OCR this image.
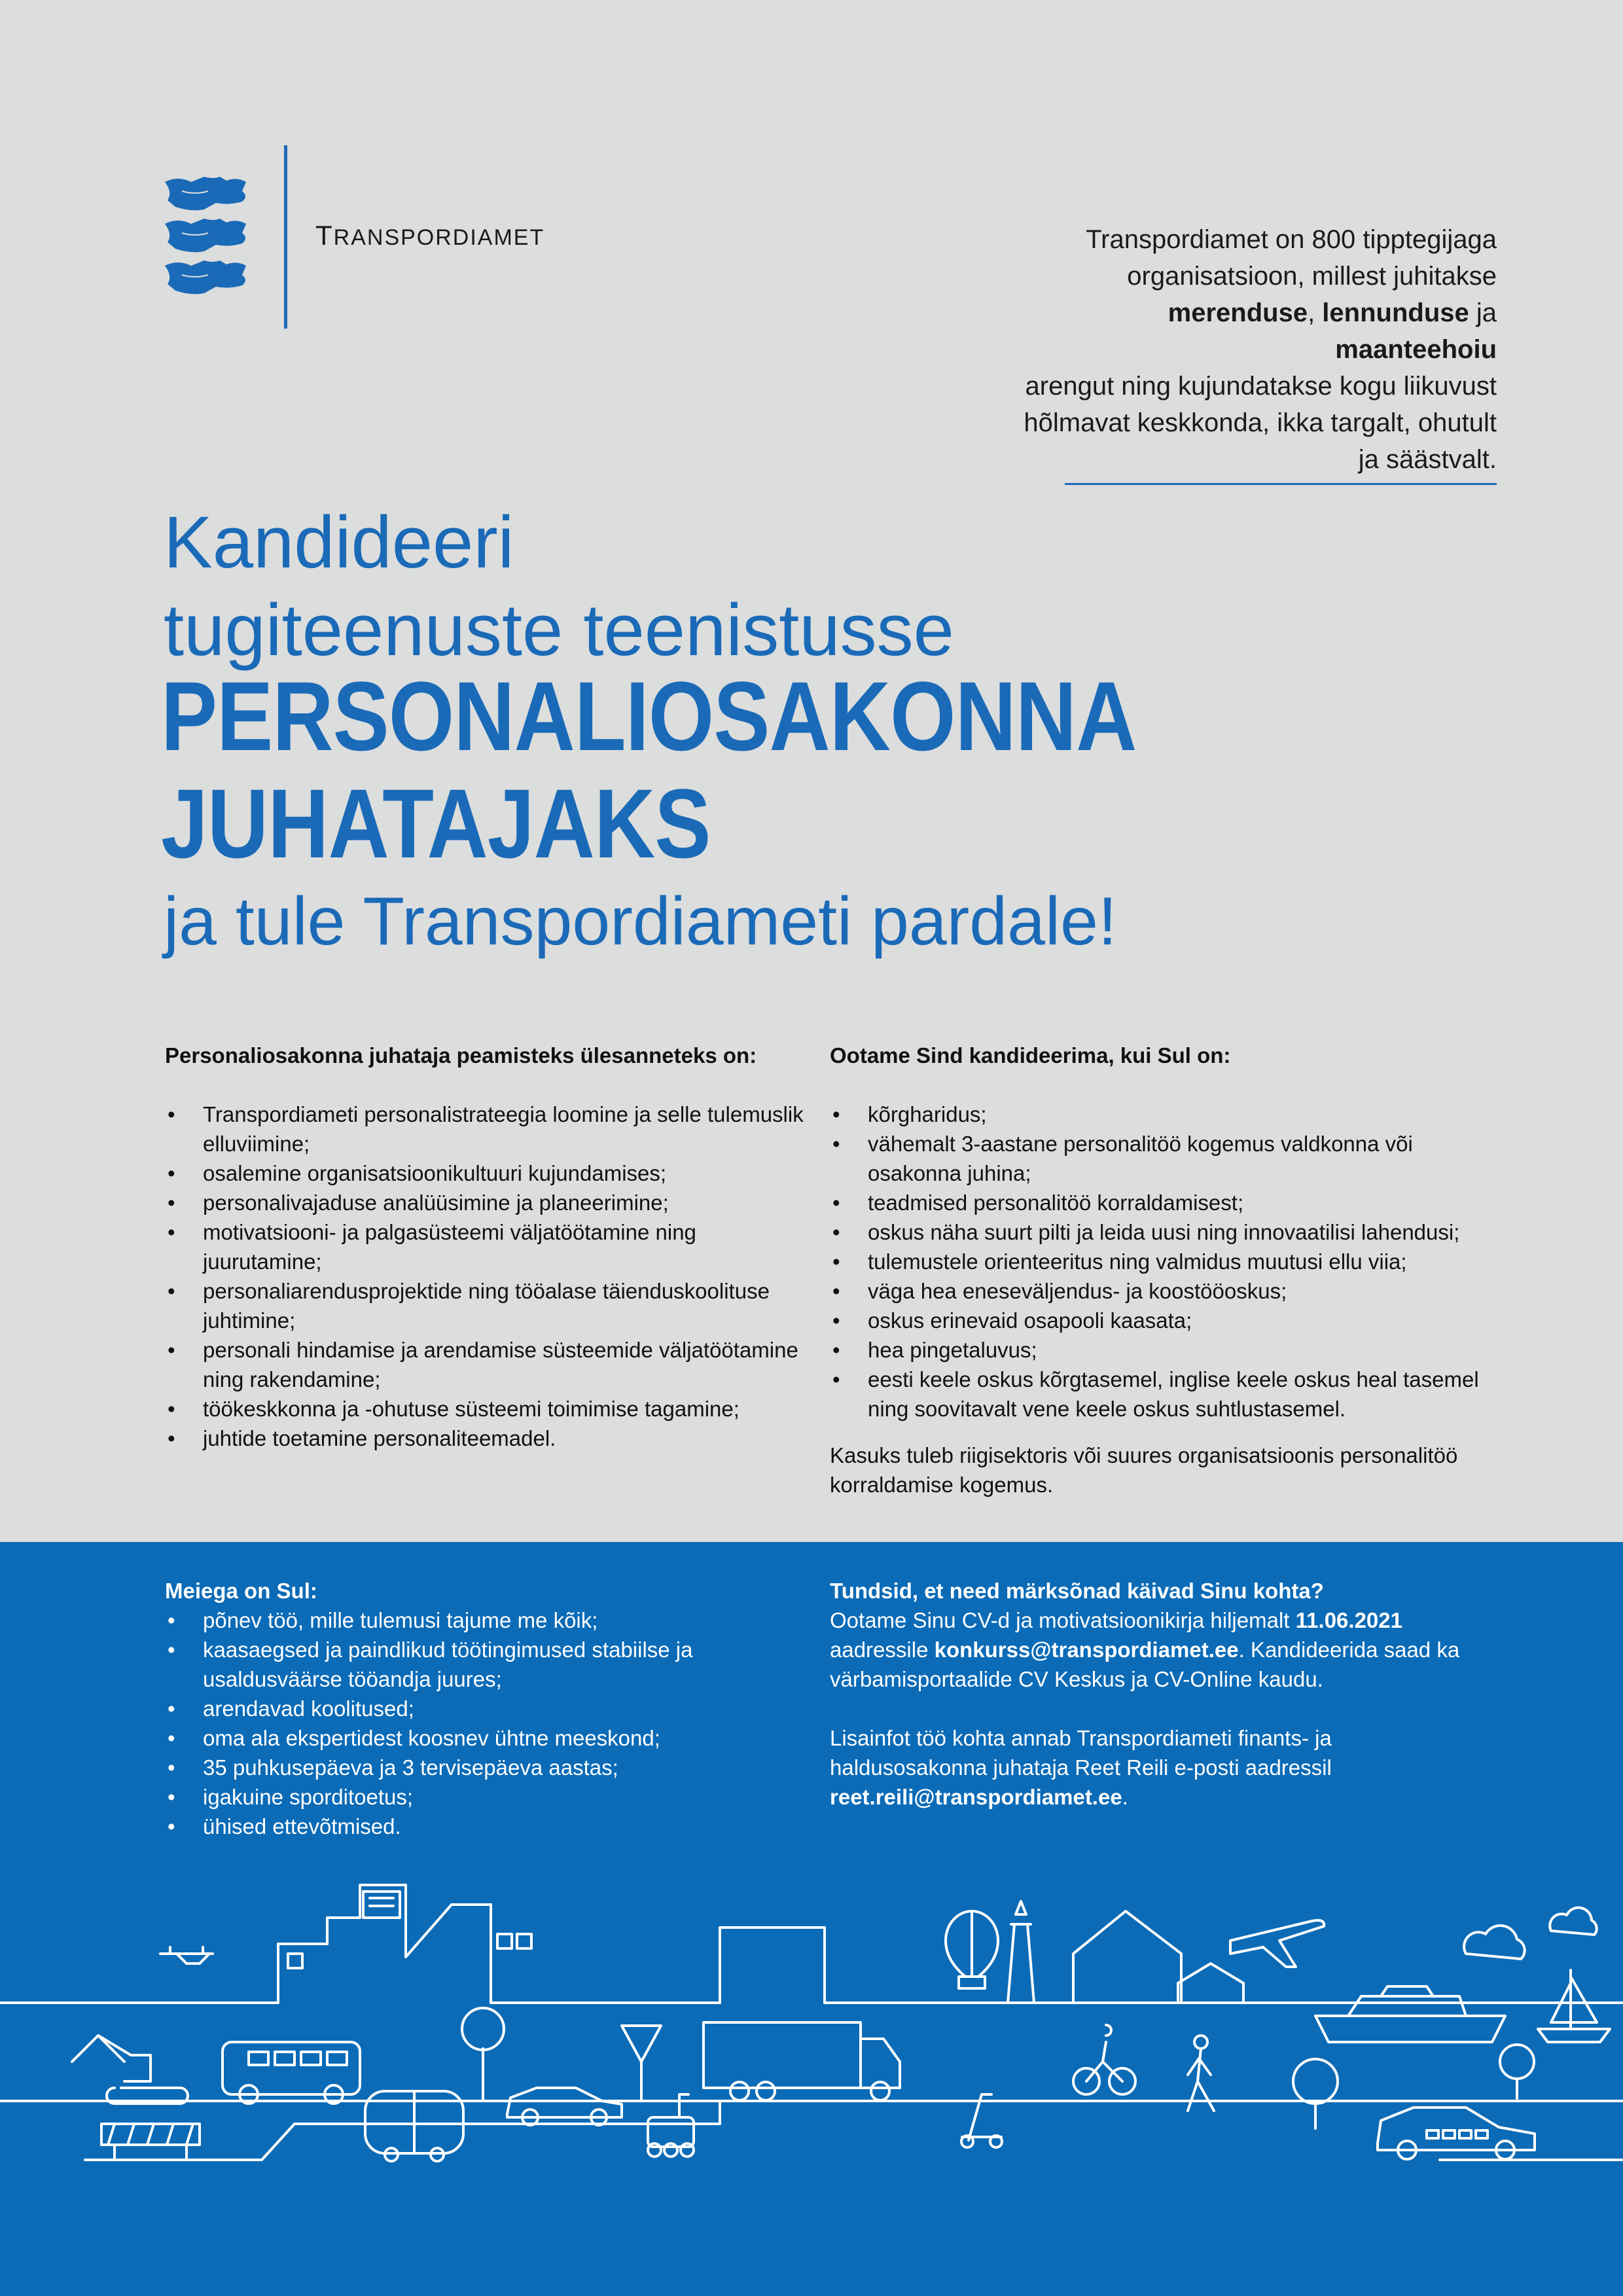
TRANSPORDIAMET	Transpordiamet on 800 tipptegijaga organisatsioon, millest juhitakse
merenduse, lennunduse ja maanteehoiu
arengut ning kujundatakse kogu liikuvust hõlmavat keskkonda, ikka targalt, ohutult ja säästvalt.
Kandideeri
tugiteenuste teenistusse
PERSONALIOSAKONNA
JUHATAJAKS
ja tule Transpordiameti pardale!
Personaliosakonna juhataja peamisteks ülesanneteks on:
• Transpordiameti personalistrateegia loomine ja selle tulemuslik elluviimine;
• osalemine organisatsioonikultuuri kujundamises;
• personalivajaduse analüüsimine ja planeerimine;
• motivatsiooni- ja palgasüsteemi väljatöötamine ning juurutamine;
• personaliarendusprojektide ning tööalase täienduskoolituse juhtimine;
• personali hindamise ja arendamise süsteemide väljatöötamine ning rakendamine;
• töökeskkonna ja -ohutuse süsteemi toimimise tagamine;
• juhtide toetamine personaliteemadel.
Ootame Sind kandideerima, kui Sul on:
• kõrgharidus;
• vähemalt 3-aastane personalitöö kogemus valdkonna või osakonna juhina;
• teadmised personalitöö korraldamisest;
• oskus näha suurt pilti ja leida uusi ning innovaatilisi lahendusi;
• tulemustele orienteeritus ning valmidus muutusi ellu viia;
• väga hea eneseväljendus- ja koostööoskus;
• oskus erinevaid osapooli kaasata;
• hea pingetaluvus;
• eesti keele oskus kõrgtasemel, inglise keele oskus heal tasemel ning soovitavalt vene keele oskus suhtlustasemel.
Kasuks tuleb riigisektoris või suures organisatsioonis personalitöö korraldamise kogemus.
Meiega on Sul:
• põnev töö, mille tulemusi tajume me kõik;
• kaasaegsed ja paindlikud töötingimused stabiilse ja usaldusväärse tööandja juures;
• arendavad koolitused;
• oma ala ekspertidest koosnev ühtne meeskond;
• 35 puhkusepäeva ja 3 tervisepäeva aastas;
• igakuine sporditoetus;
• ühised ettevõtmised.
Tundsid, et need märksõnad käivad Sinu kohta?

Ootame Sinu CV-d ja motivatsioonikirja hiljemalt 11.06.2021 aadressile konkurss@transpordiamet.ee. Kandideerida saad ka värbamisportaalide CV Keskus ja CV-Online kaudu.

Lisainfot töö kohta annab Transpordiameti finants- ja haldusosakonna juhataja Reet Reili e-posti aadressil reet.reili@transpordiamet.ee.
